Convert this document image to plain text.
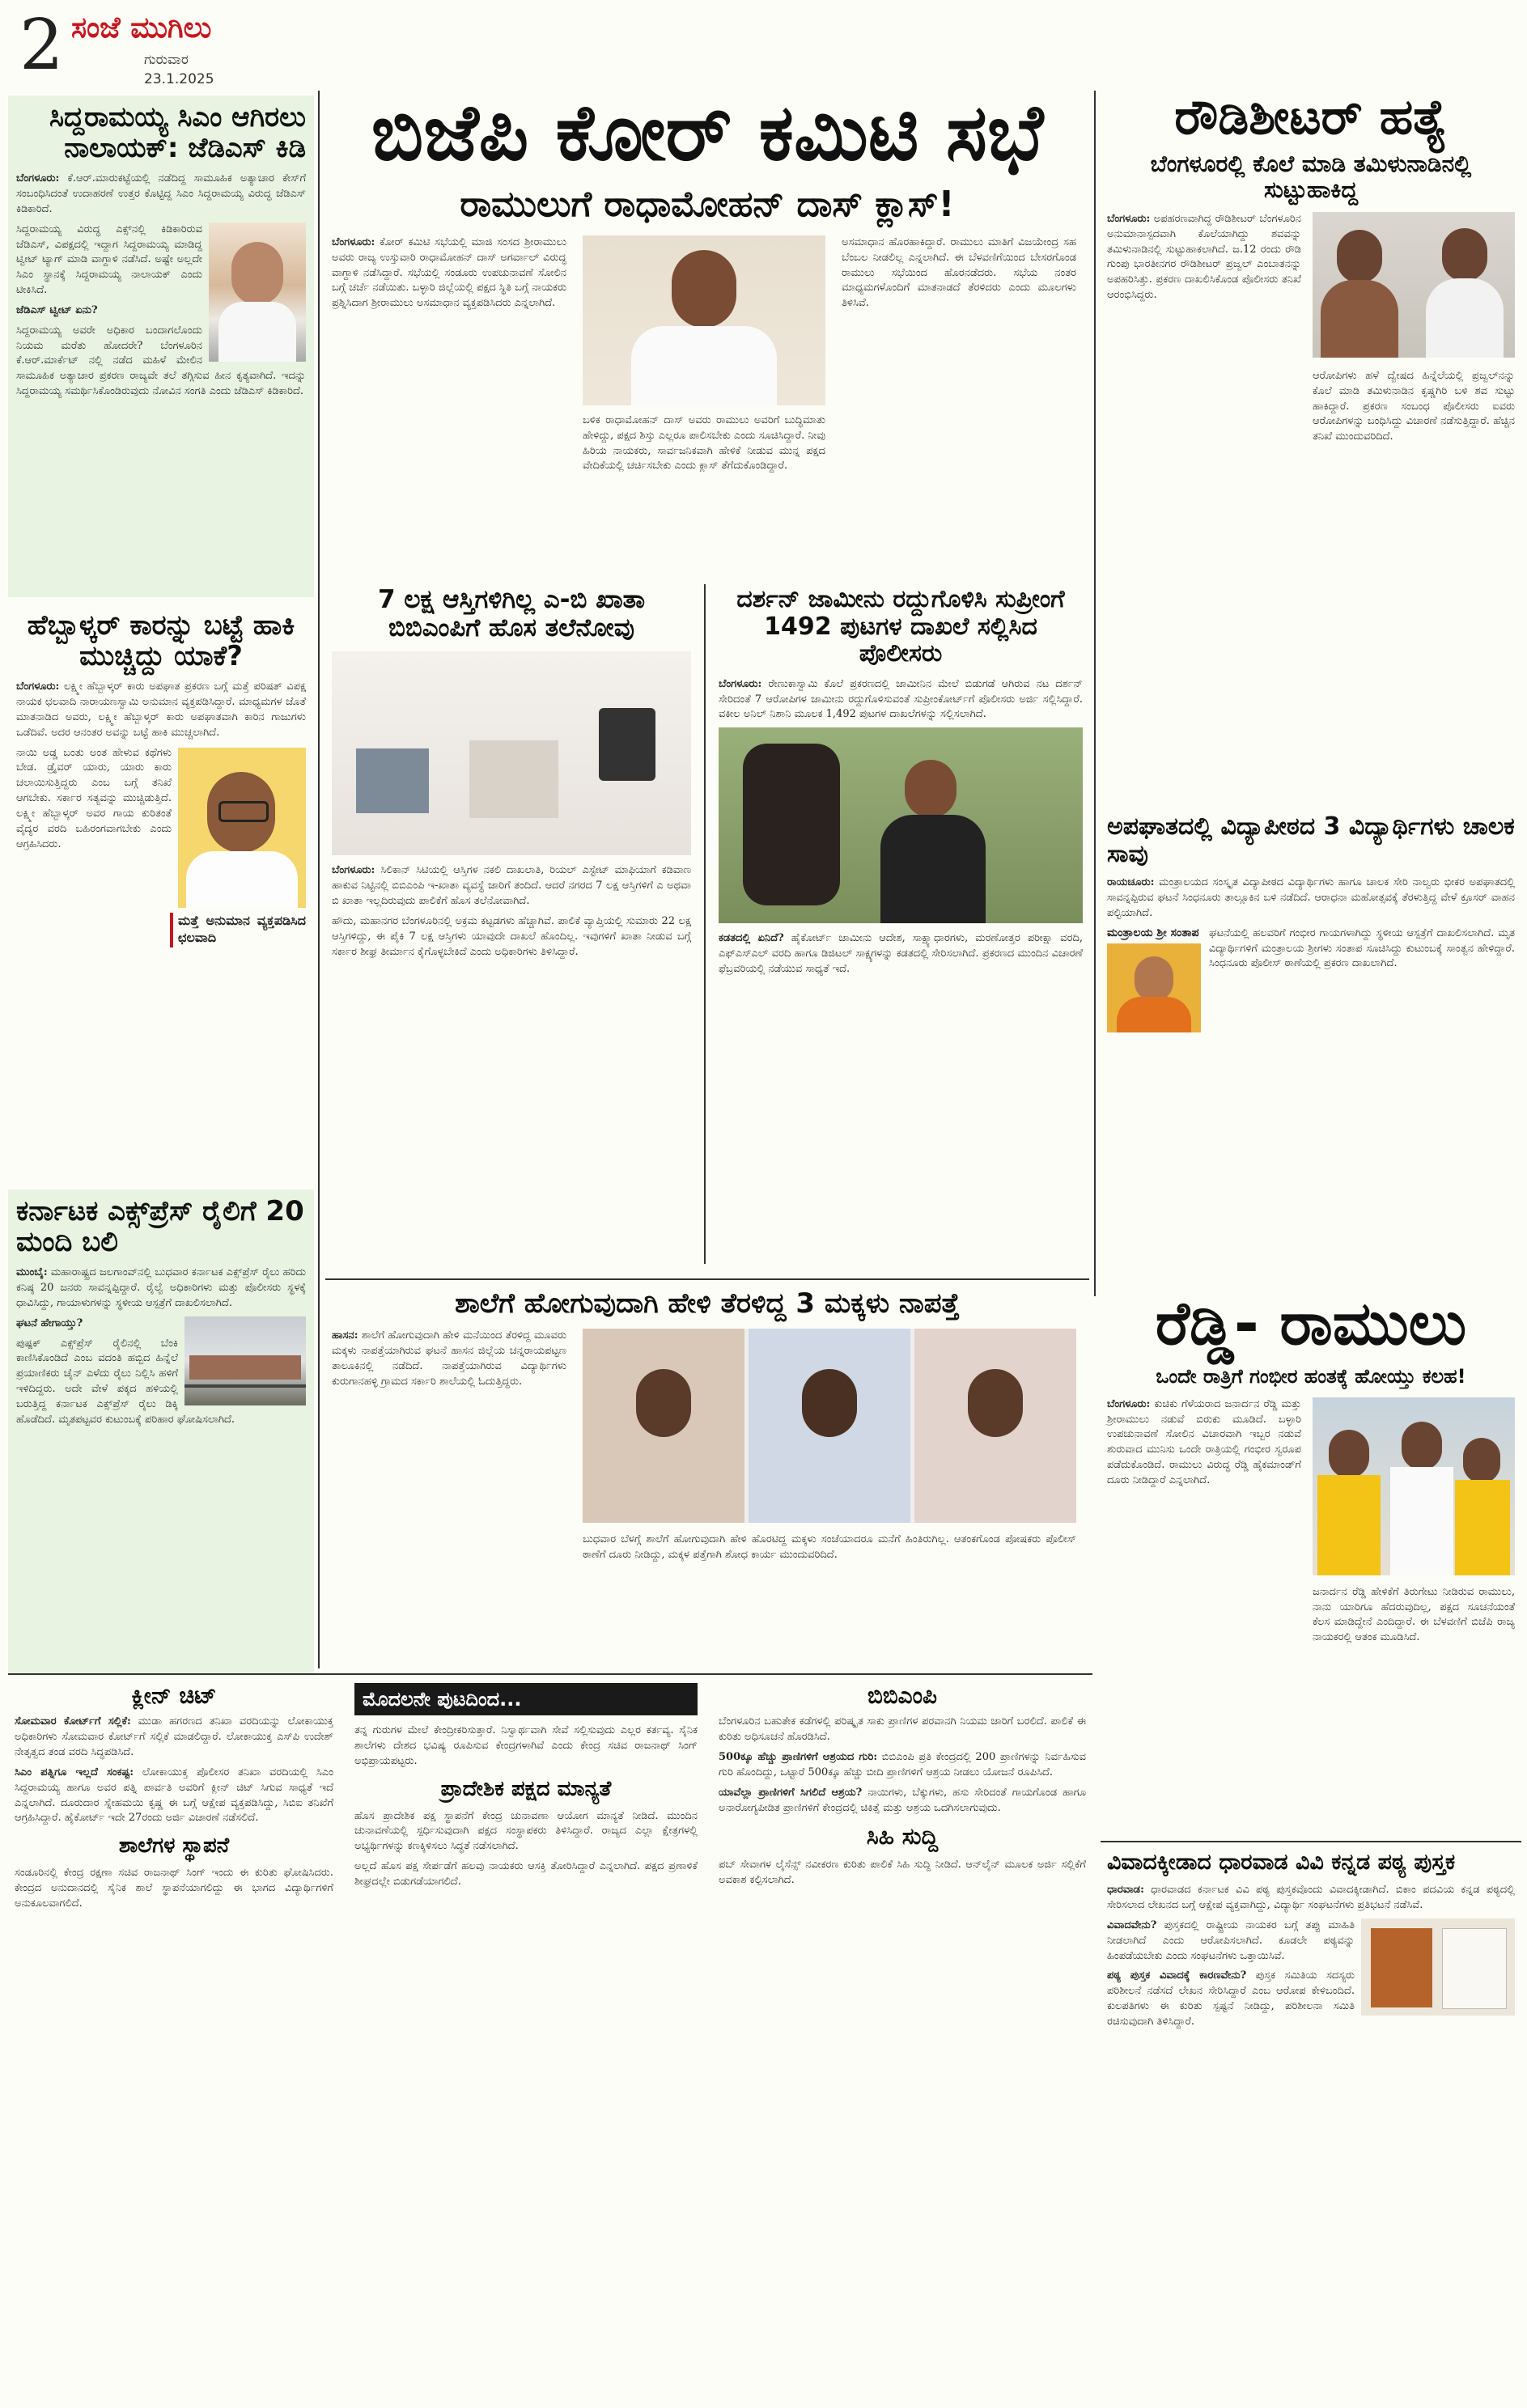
2 ಸಂಜೆ ಮುಗಿಲು
ಗುರುವಾರ
23.1.2025
ಸಿದ್ದರಾಮಯ್ಯ ಸಿಎಂ ಆಗಿರಲು ನಾಲಾಯಕ್: ಜೆಡಿಎಸ್ ಕಿಡಿ

ಬೆಂಗಳೂರು: ಕೆ.ಆರ್.ಮಾರುಕಟ್ಟೆಯಲ್ಲಿ ನಡೆದಿದ್ದ ಸಾಮೂಹಿಕ ಅತ್ಯಾಚಾರ ಕೇಸ್‌ಗೆ ಸಂಬಂಧಿಸಿದಂತೆ ಉದಾಹರಣೆ ಉತ್ತರ ಕೊಟ್ಟಿದ್ದ ಸಿಎಂ ಸಿದ್ದರಾಮಯ್ಯ ವಿರುದ್ಧ ಜೆಡಿಎಸ್ ಕಿಡಿಕಾರಿದೆ.

ಸಿದ್ದರಾಮಯ್ಯ ವಿರುದ್ಧ ಎಕ್ಸ್‌ನಲ್ಲಿ ಕಿಡಿಕಾರಿರುವ ಜೆಡಿಎಸ್, ವಿಪಕ್ಷದಲ್ಲಿ ಇದ್ದಾಗ ಸಿದ್ದರಾಮಯ್ಯ ಮಾಡಿದ್ದ ಟ್ವೀಟ್ ಟ್ಯಾಗ್ ಮಾಡಿ ವಾಗ್ದಾಳಿ ನಡೆಸಿದೆ. ಅಷ್ಟೇ ಅಲ್ಲದೇ ಸಿಎಂ ಸ್ಥಾನಕ್ಕೆ ಸಿದ್ದರಾಮಯ್ಯ ನಾಲಾಯಕ್ ಎಂದು ಟೀಕಿಸಿದೆ.

ಜೆಡಿಎಸ್ ಟ್ವೀಟ್ ಏನು?

ಸಿದ್ದರಾಮಯ್ಯ ಅವರೇ ಅಧಿಕಾರ ಬಂದಾಗಲೊಂದು ನಿಯಮ ಮರೆತು ಹೋದರೇ? ಬೆಂಗಳೂರಿನ ಕೆ.ಆರ್.ಮಾರ್ಕೆಟ್ ನಲ್ಲಿ ನಡೆದ ಮಹಿಳೆ ಮೇಲಿನ ಸಾಮೂಹಿಕ ಅತ್ಯಾಚಾರ ಪ್ರಕರಣ ರಾಜ್ಯವೇ ತಲೆ ತಗ್ಗಿಸುವ ಹೀನ ಕೃತ್ಯವಾಗಿದೆ. ಇದನ್ನು ಸಿದ್ದರಾಮಯ್ಯ ಸಮರ್ಥಿಸಿಕೊಂಡಿರುವುದು ನೋವಿನ ಸಂಗತಿ ಎಂದು ಜೆಡಿಎಸ್ ಕಿಡಿಕಾರಿದೆ.

ಹೆಬ್ಬಾಳ್ಕರ್ ಕಾರನ್ನು ಬಟ್ಟೆ ಹಾಕಿ ಮುಚ್ಚಿದ್ದು ಯಾಕೆ?

ಬೆಂಗಳೂರು: ಲಕ್ಷ್ಮೀ ಹೆಬ್ಬಾಳ್ಕರ್ ಕಾರು ಅಪಘಾತ ಪ್ರಕರಣ ಬಗ್ಗೆ ಮತ್ತೆ ಪರಿಷತ್ ವಿಪಕ್ಷ ನಾಯಕ ಛಲವಾದಿ ನಾರಾಯಣಸ್ವಾಮಿ ಅನುಮಾನ ವ್ಯಕ್ತಪಡಿಸಿದ್ದಾರೆ. ಮಾಧ್ಯಮಗಳ ಜೊತೆ ಮಾತನಾಡಿದ ಅವರು, ಲಕ್ಷ್ಮೀ ಹೆಬ್ಬಾಳ್ಕರ್ ಕಾರು ಅಪಘಾತವಾಗಿ ಕಾರಿನ ಗಾಜುಗಳು ಒಡೆದಿವೆ. ಅದರ ಆನಂತರ ಅವನ್ನು ಬಟ್ಟೆ ಹಾಕಿ ಮುಚ್ಚಲಾಗಿದೆ.

ಮತ್ತೆ ಅನುಮಾನ ವ್ಯಕ್ತಪಡಿಸಿದ ಛಲವಾದಿ

ನಾಯಿ ಅಡ್ಡ ಬಂತು ಅಂತ ಹೇಳುವ ಕಥೆಗಳು ಬೇಡ. ಡ್ರೈವರ್ ಯಾರು, ಯಾರು ಕಾರು ಚಲಾಯಿಸುತ್ತಿದ್ದರು ಎಂಬ ಬಗ್ಗೆ ತನಿಖೆ ಆಗಬೇಕು. ಸರ್ಕಾರ ಸತ್ಯವನ್ನು ಮುಚ್ಚಿಡುತ್ತಿದೆ. ಲಕ್ಷ್ಮೀ ಹೆಬ್ಬಾಳ್ಕರ್ ಅವರ ಗಾಯ ಕುರಿತಂತೆ ವೈದ್ಯರ ವರದಿ ಬಹಿರಂಗವಾಗಬೇಕು ಎಂದು ಆಗ್ರಹಿಸಿದರು.

ಕರ್ನಾಟಕ ಎಕ್ಸ್‌ಪ್ರೆಸ್ ರೈಲಿಗೆ 20 ಮಂದಿ ಬಲಿ

ಮುಂಬೈ: ಮಹಾರಾಷ್ಟ್ರದ ಜಲಗಾಂವ್‌ನಲ್ಲಿ ಬುಧವಾರ ಕರ್ನಾಟಕ ಎಕ್ಸ್‌ಪ್ರೆಸ್ ರೈಲು ಹರಿದು ಕನಿಷ್ಠ 20 ಜನರು ಸಾವನ್ನಪ್ಪಿದ್ದಾರೆ. ರೈಲ್ವೆ ಅಧಿಕಾರಿಗಳು ಮತ್ತು ಪೊಲೀಸರು ಸ್ಥಳಕ್ಕೆ ಧಾವಿಸಿದ್ದು, ಗಾಯಾಳುಗಳನ್ನು ಸ್ಥಳೀಯ ಆಸ್ಪತ್ರೆಗೆ ದಾಖಲಿಸಲಾಗಿದೆ.

ಘಟನೆ ಹೇಗಾಯ್ತು?

ಪುಷ್ಪಕ್ ಎಕ್ಸ್‌ಪ್ರೆಸ್ ರೈಲಿನಲ್ಲಿ ಬೆಂಕಿ ಕಾಣಿಸಿಕೊಂಡಿದೆ ಎಂಬ ವದಂತಿ ಹಬ್ಬಿದ ಹಿನ್ನೆಲೆ ಪ್ರಯಾಣಿಕರು ಚೈನ್ ಎಳೆದು ರೈಲು ನಿಲ್ಲಿಸಿ ಹಳಿಗೆ ಇಳಿದಿದ್ದರು. ಅದೇ ವೇಳೆ ಪಕ್ಕದ ಹಳಿಯಲ್ಲಿ ಬರುತ್ತಿದ್ದ ಕರ್ನಾಟಕ ಎಕ್ಸ್‌ಪ್ರೆಸ್ ರೈಲು ಡಿಕ್ಕಿ ಹೊಡೆದಿದೆ. ಮೃತಪಟ್ಟವರ ಕುಟುಂಬಕ್ಕೆ ಪರಿಹಾರ ಘೋಷಿಸಲಾಗಿದೆ.

ಬಿಜೆಪಿ ಕೋರ್ ಕಮಿಟಿ ಸಭೆ
ರಾಮುಲುಗೆ ರಾಧಾಮೋಹನ್ ದಾಸ್ ಕ್ಲಾಸ್!

ಬೆಂಗಳೂರು: ಕೋರ್ ಕಮಿಟಿ ಸಭೆಯಲ್ಲಿ ಮಾಜಿ ಸಂಸದ ಶ್ರೀರಾಮುಲು ಅವರು ರಾಜ್ಯ ಉಸ್ತುವಾರಿ ರಾಧಾಮೋಹನ್ ದಾಸ್ ಅಗರ್ವಾಲ್ ವಿರುದ್ಧ ವಾಗ್ದಾಳಿ ನಡೆಸಿದ್ದಾರೆ. ಸಭೆಯಲ್ಲಿ ಸಂಡೂರು ಉಪಚುನಾವಣೆ ಸೋಲಿನ ಬಗ್ಗೆ ಚರ್ಚೆ ನಡೆಯಿತು. ಬಳ್ಳಾರಿ ಜಿಲ್ಲೆಯಲ್ಲಿ ಪಕ್ಷದ ಸ್ಥಿತಿ ಬಗ್ಗೆ ನಾಯಕರು ಪ್ರಶ್ನಿಸಿದಾಗ ಶ್ರೀರಾಮುಲು ಅಸಮಾಧಾನ ವ್ಯಕ್ತಪಡಿಸಿದರು ಎನ್ನಲಾಗಿದೆ.

ಬಳಿಕ ರಾಧಾಮೋಹನ್ ದಾಸ್ ಅವರು ರಾಮುಲು ಅವರಿಗೆ ಬುದ್ಧಿಮಾತು ಹೇಳಿದ್ದು, ಪಕ್ಷದ ಶಿಸ್ತು ಎಲ್ಲರೂ ಪಾಲಿಸಬೇಕು ಎಂದು ಸೂಚಿಸಿದ್ದಾರೆ. ನೀವು ಹಿರಿಯ ನಾಯಕರು, ಸಾರ್ವಜನಿಕವಾಗಿ ಹೇಳಿಕೆ ನೀಡುವ ಮುನ್ನ ಪಕ್ಷದ ವೇದಿಕೆಯಲ್ಲಿ ಚರ್ಚಿಸಬೇಕು ಎಂದು ಕ್ಲಾಸ್ ತೆಗೆದುಕೊಂಡಿದ್ದಾರೆ.

ಅಸಮಾಧಾನ ಹೊರಹಾಕಿದ್ದಾರೆ. ರಾಮುಲು ಮಾತಿಗೆ ವಿಜಯೇಂದ್ರ ಸಹ ಬೆಂಬಲ ನೀಡಲಿಲ್ಲ ಎನ್ನಲಾಗಿದೆ. ಈ ಬೆಳವಣಿಗೆಯಿಂದ ಬೇಸರಗೊಂಡ ರಾಮುಲು ಸಭೆಯಿಂದ ಹೊರನಡೆದರು. ಸಭೆಯ ನಂತರ ಮಾಧ್ಯಮಗಳೊಂದಿಗೆ ಮಾತನಾಡದೆ ತೆರಳಿದರು ಎಂದು ಮೂಲಗಳು ತಿಳಿಸಿವೆ.

ರೌಡಿಶೀಟರ್ ಹತ್ಯೆ
ಬೆಂಗಳೂರಲ್ಲಿ ಕೊಲೆ ಮಾಡಿ ತಮಿಳುನಾಡಿನಲ್ಲಿ ಸುಟ್ಟುಹಾಕಿದ್ದ

ಬೆಂಗಳೂರು: ಅಪಹರಣವಾಗಿದ್ದ ರೌಡಿಶೀಟರ್ ಬೆಂಗಳೂರಿನ ಅನುಮಾನಾಸ್ಪದವಾಗಿ ಕೊಲೆಯಾಗಿದ್ದು ಶವವನ್ನು ತಮಿಳುನಾಡಿನಲ್ಲಿ ಸುಟ್ಟುಹಾಕಲಾಗಿದೆ. ಜ.12 ರಂದು ರೌಡಿ ಗುಂಪು ಭಾರತೀನಗರ ರೌಡಿಶೀಟರ್ ಪ್ರಜ್ವಲ್ ಎಂಬಾತನನ್ನು ಅಪಹರಿಸಿತ್ತು. ಪ್ರಕರಣ ದಾಖಲಿಸಿಕೊಂಡ ಪೊಲೀಸರು ತನಿಖೆ ಆರಂಭಿಸಿದ್ದರು.

ಆರೋಪಿಗಳು ಹಳೆ ದ್ವೇಷದ ಹಿನ್ನೆಲೆಯಲ್ಲಿ ಪ್ರಜ್ವಲ್‌ನನ್ನು ಕೊಲೆ ಮಾಡಿ ತಮಿಳುನಾಡಿನ ಕೃಷ್ಣಗಿರಿ ಬಳಿ ಶವ ಸುಟ್ಟು ಹಾಕಿದ್ದಾರೆ. ಪ್ರಕರಣ ಸಂಬಂಧ ಪೊಲೀಸರು ಐವರು ಆರೋಪಿಗಳನ್ನು ಬಂಧಿಸಿದ್ದು ವಿಚಾರಣೆ ನಡೆಸುತ್ತಿದ್ದಾರೆ. ಹೆಚ್ಚಿನ ತನಿಖೆ ಮುಂದುವರಿದಿದೆ.

7 ಲಕ್ಷ ಆಸ್ತಿಗಳಿಗಿಲ್ಲ ಎ-ಬಿ ಖಾತಾ ಬಿಬಿಎಂಪಿಗೆ ಹೊಸ ತಲೆನೋವು

ಬೆಂಗಳೂರು: ಸಿಲಿಕಾನ್ ಸಿಟಿಯಲ್ಲಿ ಆಸ್ತಿಗಳ ನಕಲಿ ದಾಖಲಾತಿ, ರಿಯಲ್ ಎಸ್ಟೇಟ್ ಮಾಫಿಯಾಗೆ ಕಡಿವಾಣ ಹಾಕುವ ನಿಟ್ಟಿನಲ್ಲಿ ಬಿಬಿಎಂಪಿ ಇ-ಖಾತಾ ವ್ಯವಸ್ಥೆ ಜಾರಿಗೆ ತಂದಿದೆ. ಆದರೆ ನಗರದ 7 ಲಕ್ಷ ಆಸ್ತಿಗಳಿಗೆ ಎ ಅಥವಾ ಬಿ ಖಾತಾ ಇಲ್ಲದಿರುವುದು ಪಾಲಿಕೆಗೆ ಹೊಸ ತಲೆನೋವಾಗಿದೆ.

ಹೌದು, ಮಹಾನಗರ ಬೆಂಗಳೂರಿನಲ್ಲಿ ಅಕ್ರಮ ಕಟ್ಟಡಗಳು ಹೆಚ್ಚಾಗಿವೆ. ಪಾಲಿಕೆ ವ್ಯಾಪ್ತಿಯಲ್ಲಿ ಸುಮಾರು 22 ಲಕ್ಷ ಆಸ್ತಿಗಳಿದ್ದು, ಈ ಪೈಕಿ 7 ಲಕ್ಷ ಆಸ್ತಿಗಳು ಯಾವುದೇ ದಾಖಲೆ ಹೊಂದಿಲ್ಲ. ಇವುಗಳಿಗೆ ಖಾತಾ ನೀಡುವ ಬಗ್ಗೆ ಸರ್ಕಾರ ಶೀಘ್ರ ತೀರ್ಮಾನ ಕೈಗೊಳ್ಳಬೇಕಿದೆ ಎಂದು ಅಧಿಕಾರಿಗಳು ತಿಳಿಸಿದ್ದಾರೆ.

ದರ್ಶನ್ ಜಾಮೀನು ರದ್ದುಗೊಳಿಸಿ ಸುಪ್ರೀಂಗೆ 1492 ಪುಟಗಳ ದಾಖಲೆ ಸಲ್ಲಿಸಿದ ಪೊಲೀಸರು

ಬೆಂಗಳೂರು: ರೇಣುಕಾಸ್ವಾಮಿ ಕೊಲೆ ಪ್ರಕರಣದಲ್ಲಿ ಜಾಮೀನಿನ ಮೇಲೆ ಬಿಡುಗಡೆ ಆಗಿರುವ ನಟ ದರ್ಶನ್ ಸೇರಿದಂತೆ 7 ಆರೋಪಿಗಳ ಜಾಮೀನು ರದ್ದುಗೊಳಿಸುವಂತೆ ಸುಪ್ರೀಂಕೋರ್ಟ್‌ಗೆ ಪೊಲೀಸರು ಅರ್ಜಿ ಸಲ್ಲಿಸಿದ್ದಾರೆ. ವಕೀಲ ಅನಿಲ್ ನಿಶಾನಿ ಮೂಲಕ 1,492 ಪುಟಗಳ ದಾಖಲೆಗಳನ್ನು ಸಲ್ಲಿಸಲಾಗಿದೆ.

ಕಡತದಲ್ಲಿ ಏನಿದೆ? ಹೈಕೋರ್ಟ್ ಜಾಮೀನು ಆದೇಶ, ಸಾಕ್ಷ್ಯಾಧಾರಗಳು, ಮರಣೋತ್ತರ ಪರೀಕ್ಷಾ ವರದಿ, ಎಫ್‌ಎಸ್‌ಎಲ್ ವರದಿ ಹಾಗೂ ಡಿಜಿಟಲ್ ಸಾಕ್ಷ್ಯಗಳನ್ನು ಕಡತದಲ್ಲಿ ಸೇರಿಸಲಾಗಿದೆ. ಪ್ರಕರಣದ ಮುಂದಿನ ವಿಚಾರಣೆ ಫೆಬ್ರವರಿಯಲ್ಲಿ ನಡೆಯುವ ಸಾಧ್ಯತೆ ಇದೆ.

ಅಪಘಾತದಲ್ಲಿ ವಿದ್ಯಾಪೀಠದ 3 ವಿದ್ಯಾರ್ಥಿಗಳು ಚಾಲಕ ಸಾವು

ರಾಯಚೂರು: ಮಂತ್ರಾಲಯದ ಸಂಸ್ಕೃತ ವಿದ್ಯಾಪೀಠದ ವಿದ್ಯಾರ್ಥಿಗಳು ಹಾಗೂ ಚಾಲಕ ಸೇರಿ ನಾಲ್ವರು ಭೀಕರ ಅಪಘಾತದಲ್ಲಿ ಸಾವನ್ನಪ್ಪಿರುವ ಘಟನೆ ಸಿಂಧನೂರು ತಾಲ್ಲೂಕಿನ ಬಳಿ ನಡೆದಿದೆ. ಆರಾಧನಾ ಮಹೋತ್ಸವಕ್ಕೆ ತೆರಳುತ್ತಿದ್ದ ವೇಳೆ ಕ್ರೂಸರ್ ವಾಹನ ಪಲ್ಟಿಯಾಗಿದೆ.

ಮಂತ್ರಾಲಯ ಶ್ರೀ ಸಂತಾಪ ಘಟನೆಯಲ್ಲಿ ಹಲವರಿಗೆ ಗಂಭೀರ ಗಾಯಗಳಾಗಿದ್ದು ಸ್ಥಳೀಯ ಆಸ್ಪತ್ರೆಗೆ ದಾಖಲಿಸಲಾಗಿದೆ. ಮೃತ ವಿದ್ಯಾರ್ಥಿಗಳಿಗೆ ಮಂತ್ರಾಲಯ ಶ್ರೀಗಳು ಸಂತಾಪ ಸೂಚಿಸಿದ್ದು ಕುಟುಂಬಕ್ಕೆ ಸಾಂತ್ವನ ಹೇಳಿದ್ದಾರೆ. ಸಿಂಧನೂರು ಪೊಲೀಸ್ ಠಾಣೆಯಲ್ಲಿ ಪ್ರಕರಣ ದಾಖಲಾಗಿದೆ.

ಶಾಲೆಗೆ ಹೋಗುವುದಾಗಿ ಹೇಳಿ ತೆರಳಿದ್ದ 3 ಮಕ್ಕಳು ನಾಪತ್ತೆ

ಹಾಸನ: ಶಾಲೆಗೆ ಹೋಗುವುದಾಗಿ ಹೇಳಿ ಮನೆಯಿಂದ ತೆರಳಿದ್ದ ಮೂವರು ಮಕ್ಕಳು ನಾಪತ್ತೆಯಾಗಿರುವ ಘಟನೆ ಹಾಸನ ಜಿಲ್ಲೆಯ ಚನ್ನರಾಯಪಟ್ಟಣ ತಾಲೂಕಿನಲ್ಲಿ ನಡೆದಿದೆ. ನಾಪತ್ತೆಯಾಗಿರುವ ವಿದ್ಯಾರ್ಥಿಗಳು ಕುರುಗಾನಹಳ್ಳಿ ಗ್ರಾಮದ ಸರ್ಕಾರಿ ಶಾಲೆಯಲ್ಲಿ ಓದುತ್ತಿದ್ದರು.

ಬುಧವಾರ ಬೆಳಗ್ಗೆ ಶಾಲೆಗೆ ಹೋಗುವುದಾಗಿ ಹೇಳಿ ಹೊರಟಿದ್ದ ಮಕ್ಕಳು ಸಂಜೆಯಾದರೂ ಮನೆಗೆ ಹಿಂತಿರುಗಿಲ್ಲ. ಆತಂಕಗೊಂಡ ಪೋಷಕರು ಪೊಲೀಸ್ ಠಾಣೆಗೆ ದೂರು ನೀಡಿದ್ದು, ಮಕ್ಕಳ ಪತ್ತೆಗಾಗಿ ಶೋಧ ಕಾರ್ಯ ಮುಂದುವರಿದಿದೆ.

ರೆಡ್ಡಿ- ರಾಮುಲು
ಒಂದೇ ರಾತ್ರಿಗೆ ಗಂಭೀರ ಹಂತಕ್ಕೆ ಹೋಯ್ತು ಕಲಹ!

ಬೆಂಗಳೂರು: ಕುಚಿಕು ಗೆಳೆಯರಾದ ಜನಾರ್ದನ ರೆಡ್ಡಿ ಮತ್ತು ಶ್ರೀರಾಮುಲು ನಡುವೆ ಬಿರುಕು ಮೂಡಿದೆ. ಬಳ್ಳಾರಿ ಉಪಚುನಾವಣೆ ಸೋಲಿನ ವಿಚಾರವಾಗಿ ಇಬ್ಬರ ನಡುವೆ ಶುರುವಾದ ಮುನಿಸು ಒಂದೇ ರಾತ್ರಿಯಲ್ಲಿ ಗಂಭೀರ ಸ್ವರೂಪ ಪಡೆದುಕೊಂಡಿದೆ. ರಾಮುಲು ವಿರುದ್ಧ ರೆಡ್ಡಿ ಹೈಕಮಾಂಡ್‌ಗೆ ದೂರು ನೀಡಿದ್ದಾರೆ ಎನ್ನಲಾಗಿದೆ.

ಜನಾರ್ದನ ರೆಡ್ಡಿ ಹೇಳಿಕೆಗೆ ತಿರುಗೇಟು ನೀಡಿರುವ ರಾಮುಲು, ನಾನು ಯಾರಿಗೂ ಹೆದರುವುದಿಲ್ಲ, ಪಕ್ಷದ ಸೂಚನೆಯಂತೆ ಕೆಲಸ ಮಾಡಿದ್ದೇನೆ ಎಂದಿದ್ದಾರೆ. ಈ ಬೆಳವಣಿಗೆ ಬಿಜೆಪಿ ರಾಜ್ಯ ನಾಯಕರಲ್ಲಿ ಆತಂಕ ಮೂಡಿಸಿದೆ.

ಕ್ಲೀನ್ ಚಿಟ್

ಸೋಮವಾರ ಕೋರ್ಟ್‌ಗೆ ಸಲ್ಲಿಕೆ: ಮುಡಾ ಹಗರಣದ ತನಿಖಾ ವರದಿಯನ್ನು ಲೋಕಾಯುಕ್ತ ಅಧಿಕಾರಿಗಳು ಸೋಮವಾರ ಕೋರ್ಟ್‌ಗೆ ಸಲ್ಲಿಕೆ ಮಾಡಲಿದ್ದಾರೆ. ಲೋಕಾಯುಕ್ತ ಎಸ್‌ಪಿ ಉದೇಶ್ ನೇತೃತ್ವದ ತಂಡ ವರದಿ ಸಿದ್ಧಪಡಿಸಿದೆ.

ಸಿಎಂ ಪತ್ನಿಗೂ ಇಲ್ಲದೆ ಸಂಕಷ್ಟ: ಲೋಕಾಯುಕ್ತ ಪೊಲೀಸರ ತನಿಖಾ ವರದಿಯಲ್ಲಿ ಸಿಎಂ ಸಿದ್ದರಾಮಯ್ಯ ಹಾಗೂ ಅವರ ಪತ್ನಿ ಪಾರ್ವತಿ ಅವರಿಗೆ ಕ್ಲೀನ್ ಚಿಟ್ ಸಿಗುವ ಸಾಧ್ಯತೆ ಇದೆ ಎನ್ನಲಾಗಿದೆ. ದೂರುದಾರ ಸ್ನೇಹಮಯಿ ಕೃಷ್ಣ ಈ ಬಗ್ಗೆ ಆಕ್ಷೇಪ ವ್ಯಕ್ತಪಡಿಸಿದ್ದು, ಸಿಬಿಐ ತನಿಖೆಗೆ ಆಗ್ರಹಿಸಿದ್ದಾರೆ. ಹೈಕೋರ್ಟ್ ಇದೇ 27ರಂದು ಅರ್ಜಿ ವಿಚಾರಣೆ ನಡೆಸಲಿದೆ.

ಶಾಲೆಗಳ ಸ್ಥಾಪನೆ

ಸಂಡೂರಿನಲ್ಲಿ ಕೇಂದ್ರ ರಕ್ಷಣಾ ಸಚಿವ ರಾಜನಾಥ್ ಸಿಂಗ್ ಇಂದು ಈ ಕುರಿತು ಘೋಷಿಸಿದರು. ಕೇಂದ್ರದ ಅನುದಾನದಲ್ಲಿ ಸೈನಿಕ ಶಾಲೆ ಸ್ಥಾಪನೆಯಾಗಲಿದ್ದು ಈ ಭಾಗದ ವಿದ್ಯಾರ್ಥಿಗಳಿಗೆ ಅನುಕೂಲವಾಗಲಿದೆ.

ಮೊದಲನೇ ಪುಟದಿಂದ...

ತನ್ನ ಗುರುಗಳ ಮೇಲೆ ಕೇಂದ್ರೀಕರಿಸುತ್ತಾರೆ. ನಿಸ್ವಾರ್ಥವಾಗಿ ಸೇವೆ ಸಲ್ಲಿಸುವುದು ಎಲ್ಲರ ಕರ್ತವ್ಯ. ಸೈನಿಕ ಶಾಲೆಗಳು ದೇಶದ ಭವಿಷ್ಯ ರೂಪಿಸುವ ಕೇಂದ್ರಗಳಾಗಿವೆ ಎಂದು ಕೇಂದ್ರ ಸಚಿವ ರಾಜನಾಥ್ ಸಿಂಗ್ ಅಭಿಪ್ರಾಯಪಟ್ಟರು.

ಪ್ರಾದೇಶಿಕ ಪಕ್ಷದ ಮಾನ್ಯತೆ

ಹೊಸ ಪ್ರಾದೇಶಿಕ ಪಕ್ಷ ಸ್ಥಾಪನೆಗೆ ಕೇಂದ್ರ ಚುನಾವಣಾ ಆಯೋಗ ಮಾನ್ಯತೆ ನೀಡಿದೆ. ಮುಂದಿನ ಚುನಾವಣೆಯಲ್ಲಿ ಸ್ಪರ್ಧಿಸುವುದಾಗಿ ಪಕ್ಷದ ಸಂಸ್ಥಾಪಕರು ತಿಳಿಸಿದ್ದಾರೆ. ರಾಜ್ಯದ ಎಲ್ಲಾ ಕ್ಷೇತ್ರಗಳಲ್ಲಿ ಅಭ್ಯರ್ಥಿಗಳನ್ನು ಕಣಕ್ಕಿಳಿಸಲು ಸಿದ್ಧತೆ ನಡೆಸಲಾಗಿದೆ.

ಅಲ್ಲದೆ ಹೊಸ ಪಕ್ಷ ಸೇರ್ಪಡೆಗೆ ಹಲವು ನಾಯಕರು ಆಸಕ್ತಿ ತೋರಿಸಿದ್ದಾರೆ ಎನ್ನಲಾಗಿದೆ. ಪಕ್ಷದ ಪ್ರಣಾಳಿಕೆ ಶೀಘ್ರದಲ್ಲೇ ಬಿಡುಗಡೆಯಾಗಲಿದೆ.

ಬಿಬಿಎಂಪಿ

ಬೆಂಗಳೂರಿನ ಬಹುತೇಕ ಕಡೆಗಳಲ್ಲಿ ಪರಿಷ್ಕೃತ ಸಾಕು ಪ್ರಾಣಿಗಳ ಪರವಾನಗಿ ನಿಯಮ ಜಾರಿಗೆ ಬರಲಿದೆ. ಪಾಲಿಕೆ ಈ ಕುರಿತು ಅಧಿಸೂಚನೆ ಹೊರಡಿಸಿದೆ.

500ಕ್ಕೂ ಹೆಚ್ಚು ಪ್ರಾಣಿಗಳಿಗೆ ಆಶ್ರಯದ ಗುರಿ: ಬಿಬಿಎಂಪಿ ಪ್ರತಿ ಕೇಂದ್ರದಲ್ಲಿ 200 ಪ್ರಾಣಿಗಳನ್ನು ನಿರ್ವಹಿಸುವ ಗುರಿ ಹೊಂದಿದ್ದು, ಒಟ್ಟಾರೆ 500ಕ್ಕೂ ಹೆಚ್ಚು ಬೀದಿ ಪ್ರಾಣಿಗಳಿಗೆ ಆಶ್ರಯ ನೀಡಲು ಯೋಜನೆ ರೂಪಿಸಿದೆ.

ಯಾವೆಲ್ಲಾ ಪ್ರಾಣಿಗಳಿಗೆ ಸಿಗಲಿದೆ ಆಶ್ರಯ? ನಾಯಿಗಳು, ಬೆಕ್ಕುಗಳು, ಹಸು ಸೇರಿದಂತೆ ಗಾಯಗೊಂಡ ಹಾಗೂ ಅನಾರೋಗ್ಯಪೀಡಿತ ಪ್ರಾಣಿಗಳಿಗೆ ಕೇಂದ್ರದಲ್ಲಿ ಚಿಕಿತ್ಸೆ ಮತ್ತು ಆಶ್ರಯ ಒದಗಿಸಲಾಗುವುದು.

ಸಿಹಿ ಸುದ್ದಿ

ಪಬ್ ಸೇವಾಗಳ ಲೈಸೆನ್ಸ್ ನವೀಕರಣ ಕುರಿತು ಪಾಲಿಕೆ ಸಿಹಿ ಸುದ್ದಿ ನೀಡಿದೆ. ಆನ್‌ಲೈನ್ ಮೂಲಕ ಅರ್ಜಿ ಸಲ್ಲಿಕೆಗೆ ಅವಕಾಶ ಕಲ್ಪಿಸಲಾಗಿದೆ.

ವಿವಾದಕ್ಕೀಡಾದ ಧಾರವಾಡ ವಿವಿ ಕನ್ನಡ ಪಠ್ಯ ಪುಸ್ತಕ

ಧಾರವಾಡ: ಧಾರವಾಡದ ಕರ್ನಾಟಕ ವಿವಿ ಪಠ್ಯ ಪುಸ್ತಕವೊಂದು ವಿವಾದಕ್ಕೀಡಾಗಿದೆ. ಬಿಕಾಂ ಪದವಿಯ ಕನ್ನಡ ಪಠ್ಯದಲ್ಲಿ ಸೇರಿಸಲಾದ ಲೇಖನದ ಬಗ್ಗೆ ಆಕ್ಷೇಪ ವ್ಯಕ್ತವಾಗಿದ್ದು, ವಿದ್ಯಾರ್ಥಿ ಸಂಘಟನೆಗಳು ಪ್ರತಿಭಟನೆ ನಡೆಸಿವೆ.

ವಿವಾದವೇನು? ಪುಸ್ತಕದಲ್ಲಿ ರಾಷ್ಟ್ರೀಯ ನಾಯಕರ ಬಗ್ಗೆ ತಪ್ಪು ಮಾಹಿತಿ ನೀಡಲಾಗಿದೆ ಎಂದು ಆರೋಪಿಸಲಾಗಿದೆ. ಕೂಡಲೇ ಪಠ್ಯವನ್ನು ಹಿಂಪಡೆಯಬೇಕು ಎಂದು ಸಂಘಟನೆಗಳು ಒತ್ತಾಯಿಸಿವೆ.

ಪಠ್ಯ ಪುಸ್ತಕ ವಿವಾದಕ್ಕೆ ಕಾರಣವೇನು? ಪುಸ್ತಕ ಸಮಿತಿಯ ಸದಸ್ಯರು ಪರಿಶೀಲನೆ ನಡೆಸದೆ ಲೇಖನ ಸೇರಿಸಿದ್ದಾರೆ ಎಂಬ ಆರೋಪ ಕೇಳಿಬಂದಿದೆ. ಕುಲಪತಿಗಳು ಈ ಕುರಿತು ಸ್ಪಷ್ಟನೆ ನೀಡಿದ್ದು, ಪರಿಶೀಲನಾ ಸಮಿತಿ ರಚಿಸುವುದಾಗಿ ತಿಳಿಸಿದ್ದಾರೆ.
